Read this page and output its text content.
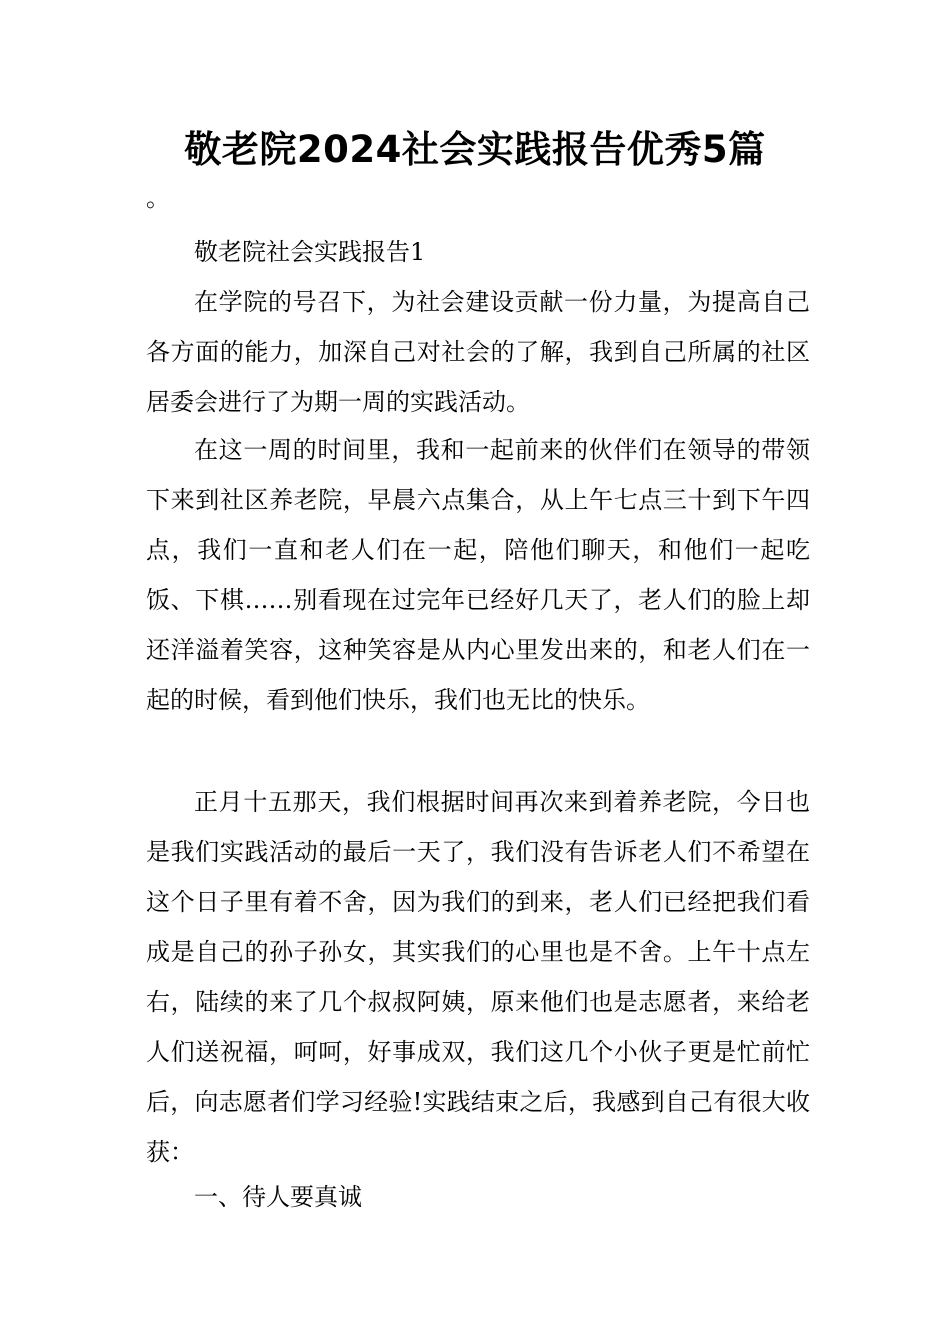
敬老院2024社会实践报告优秀5篇

。

敬老院社会实践报告1

在学院的号召下，为社会建设贡献一份力量，为提高自己各方面的能力，加深自己对社会的了解，我到自己所属的社区居委会进行了为期一周的实践活动。

在这一周的时间里，我和一起前来的伙伴们在领导的带领下来到社区养老院，早晨六点集合，从上午七点三十到下午四点，我们一直和老人们在一起，陪他们聊天，和他们一起吃饭、下棋……别看现在过完年已经好几天了，老人们的脸上却还洋溢着笑容，这种笑容是从内心里发出来的，和老人们在一起的时候，看到他们快乐，我们也无比的快乐。

正月十五那天，我们根据时间再次来到着养老院，今日也是我们实践活动的最后一天了，我们没有告诉老人们不希望在这个日子里有着不舍，因为我们的到来，老人们已经把我们看成是自己的孙子孙女，其实我们的心里也是不舍。上午十点左右，陆续的来了几个叔叔阿姨，原来他们也是志愿者，来给老人们送祝福，呵呵，好事成双，我们这几个小伙子更是忙前忙后，向志愿者们学习经验!实践结束之后，我感到自己有很大收获：

一、待人要真诚
